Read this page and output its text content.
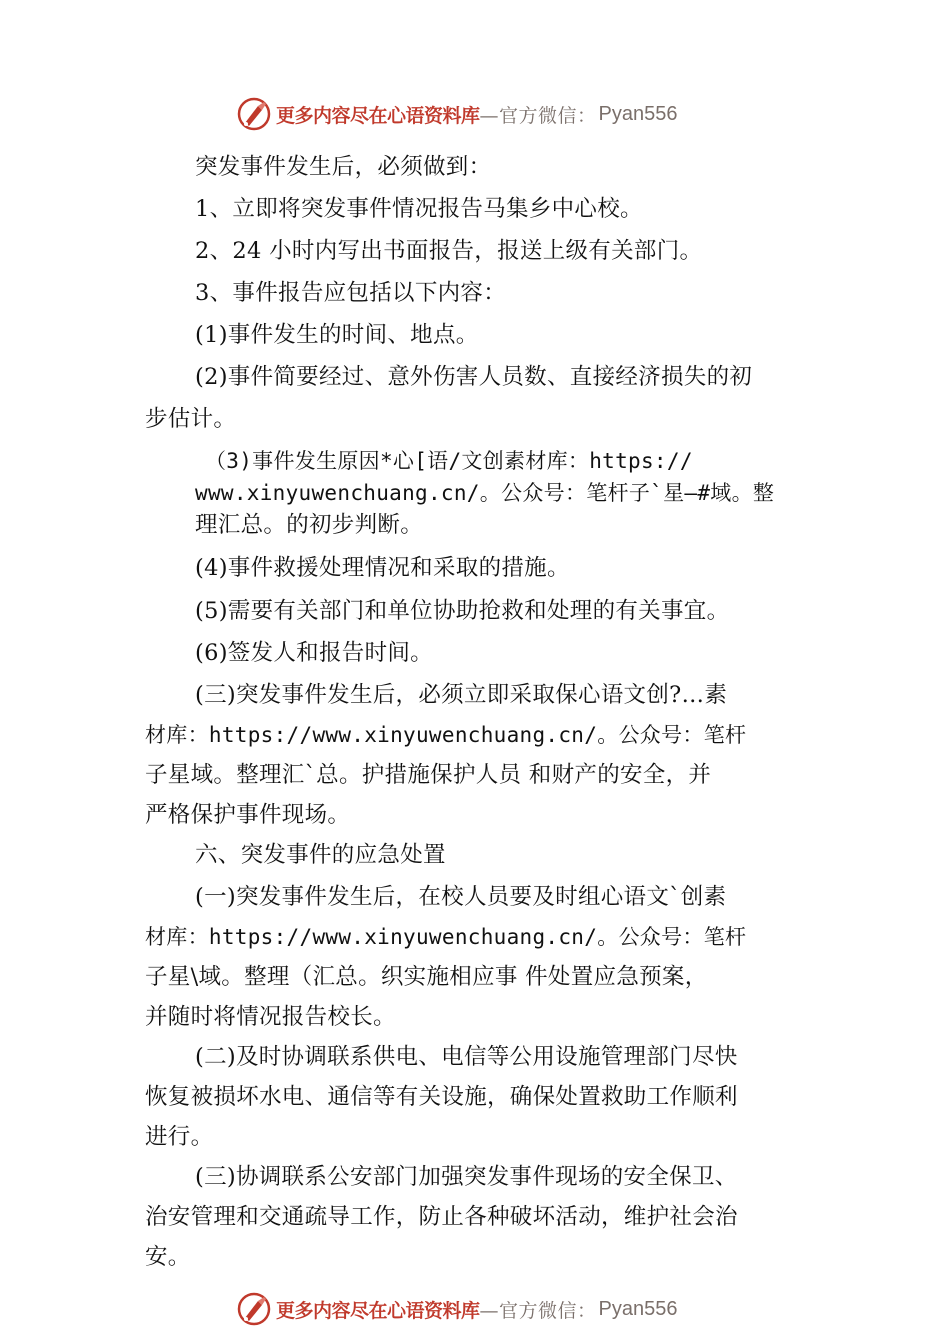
更多内容尽在心语资料库 —官方微信： Pyan556
突发事件发生后，必须做到：
1、立即将突发事件情况报告马集乡中心校。
2、24 小时内写出书面报告，报送上级有关部门。
3、事件报告应包括以下内容：
(1)事件发生的时间、地点。
(2)事件简要经过、意外伤害人员数、直接经济损失的初
步估计。
（3)事件发生原因*心[语/文创素材库：https://
www.xinyuwenchuang.cn/。公众号：笔杆子`星—#域。整
理汇总。的初步判断。
(4)事件救援处理情况和采取的措施。
(5)需要有关部门和单位协助抢救和处理的有关事宜。
(6)签发人和报告时间。
(三)突发事件发生后，必须立即采取保心语文创?…素
材库：https://www.xinyuwenchuang.cn/。公众号：笔杆
子星域。整理汇`总。护措施保护人员 和财产的安全，并
严格保护事件现场。
六、突发事件的应急处置
(一)突发事件发生后，在校人员要及时组心语文`创素
材库：https://www.xinyuwenchuang.cn/。公众号：笔杆
子星\域。整理（汇总。织实施相应事 件处置应急预案，
并随时将情况报告校长。
(二)及时协调联系供电、电信等公用设施管理部门尽快
恢复被损坏水电、通信等有关设施，确保处置救助工作顺利
进行。
(三)协调联系公安部门加强突发事件现场的安全保卫、
治安管理和交通疏导工作，防止各种破坏活动，维护社会治
安。
更多内容尽在心语资料库 —官方微信： Pyan556
